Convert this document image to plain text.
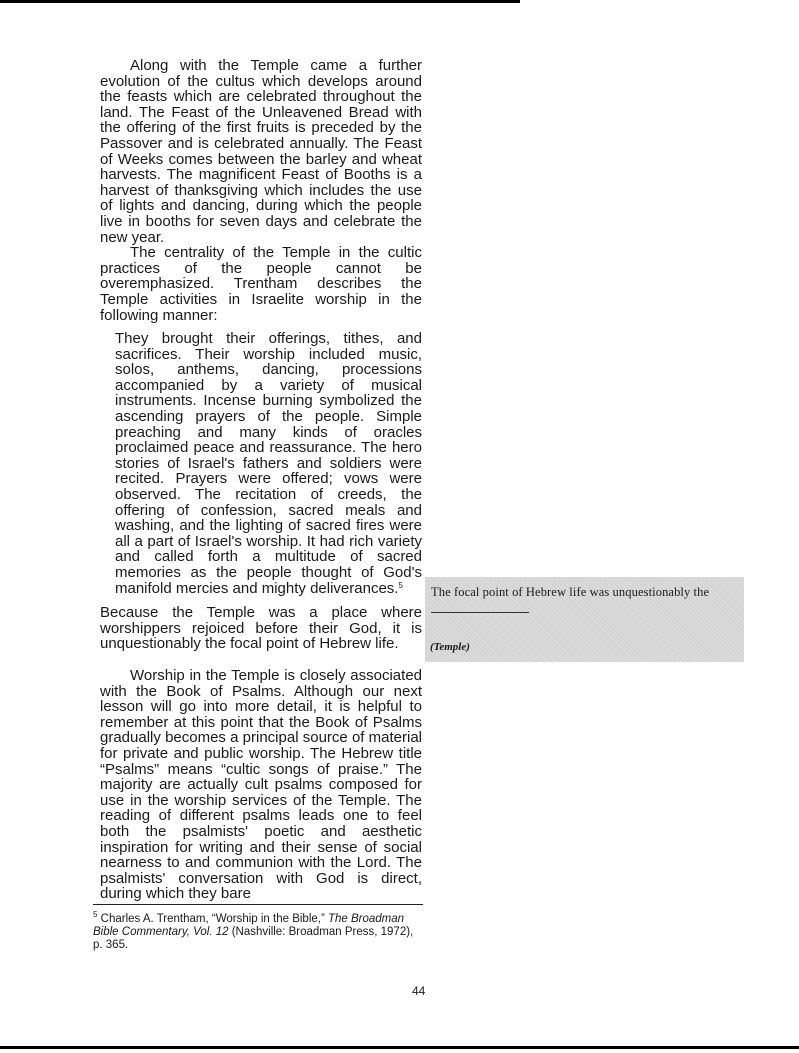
Along with the Temple came a further evolution of the cultus which develops around the feasts which are celebrated throughout the land. The Feast of the Unleavened Bread with the offering of the first fruits is preceded by the Passover and is celebrated annually. The Feast of Weeks comes between the barley and wheat harvests. The magnificent Feast of Booths is a harvest of thanksgiving which includes the use of lights and dancing, during which the people live in booths for seven days and celebrate the new year.

The centrality of the Temple in the cultic practices of the people cannot be overemphasized. Trentham describes the Temple activities in Israelite worship in the following manner:

They brought their offerings, tithes, and sacrifices. Their worship included music, solos, anthems, dancing, processions accompanied by a variety of musical instruments. Incense burning symbolized the ascending prayers of the people. Simple preaching and many kinds of oracles proclaimed peace and reassurance. The hero stories of Israel's fathers and soldiers were recited. Prayers were offered; vows were observed. The recitation of creeds, the offering of confession, sacred meals and washing, and the lighting of sacred fires were all a part of Israel's worship. It had rich variety and called forth a multitude of sacred memories as the people thought of God's manifold mercies and mighty deliverances.$^5$

Because the Temple was a place where worshippers rejoiced before their God, it is unquestionably the focal point of Hebrew life.

Worship in the Temple is closely associated with the Book of Psalms. Although our next lesson will go into more detail, it is helpful to remember at this point that the Book of Psalms gradually becomes a principal source of material for private and public worship. The Hebrew title “Psalms” means “cultic songs of praise.” The majority are actually cult psalms composed for use in the worship services of the Temple. The reading of different psalms leads one to feel both the psalmists' poetic and aesthetic inspiration for writing and their sense of social nearness to and communion with the Lord. The psalmists' conversation with God is direct, during which they bare

$^5$ Charles A. Trentham, “Worship in the Bible,” The Broadman Bible Commentary, Vol. 12 (Nashville: Broadman Press, 1972), p. 365.
44
The focal point of Hebrew life was unquestionably the
(Temple)
